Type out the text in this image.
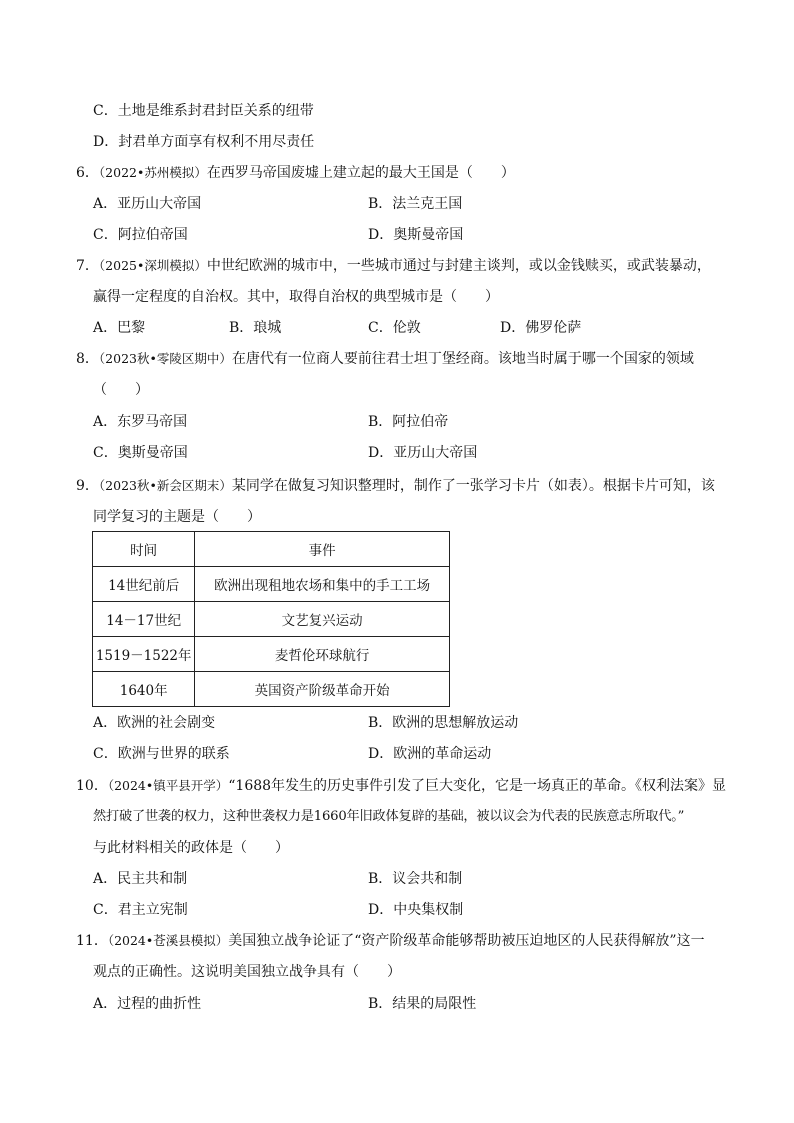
C．土地是维系封君封臣关系的纽带
D．封君单方面享有权利不用尽责任
6．（2022•苏州模拟）在西罗马帝国废墟上建立起的最大王国是（　　）
A．亚历山大帝国	B．法兰克王国
C．阿拉伯帝国	D．奥斯曼帝国
7．（2025•深圳模拟）中世纪欧洲的城市中，一些城市通过与封建主谈判，或以金钱赎买，或武装暴动，
赢得一定程度的自治权。其中，取得自治权的典型城市是（　　）
A．巴黎	B．琅城	C．伦敦	D．佛罗伦萨
8．（2023秋•零陵区期中）在唐代有一位商人要前往君士坦丁堡经商。该地当时属于哪一个国家的领域
（　　）
A．东罗马帝国	B．阿拉伯帝
C．奥斯曼帝国	D．亚历山大帝国
9．（2023秋•新会区期末）某同学在做复习知识整理时，制作了一张学习卡片（如表）。根据卡片可知，该
同学复习的主题是（　　）
时间	事件
14世纪前后	欧洲出现租地农场和集中的手工工场
14－17世纪	文艺复兴运动
1519－1522年	麦哲伦环球航行
1640年	英国资产阶级革命开始
A．欧洲的社会剧变	B．欧洲的思想解放运动
C．欧洲与世界的联系	D．欧洲的革命运动
10．（2024•镇平县开学）“1688年发生的历史事件引发了巨大变化，它是一场真正的革命。《权利法案》显
然打破了世袭的权力，这种世袭权力是1660年旧政体复辟的基础，被以议会为代表的民族意志所取代。”
与此材料相关的政体是（　　）
A．民主共和制	B．议会共和制
C．君主立宪制	D．中央集权制
11．（2024•苍溪县模拟）美国独立战争论证了“资产阶级革命能够帮助被压迫地区的人民获得解放”这一
观点的正确性。这说明美国独立战争具有（　　）
A．过程的曲折性	B．结果的局限性
